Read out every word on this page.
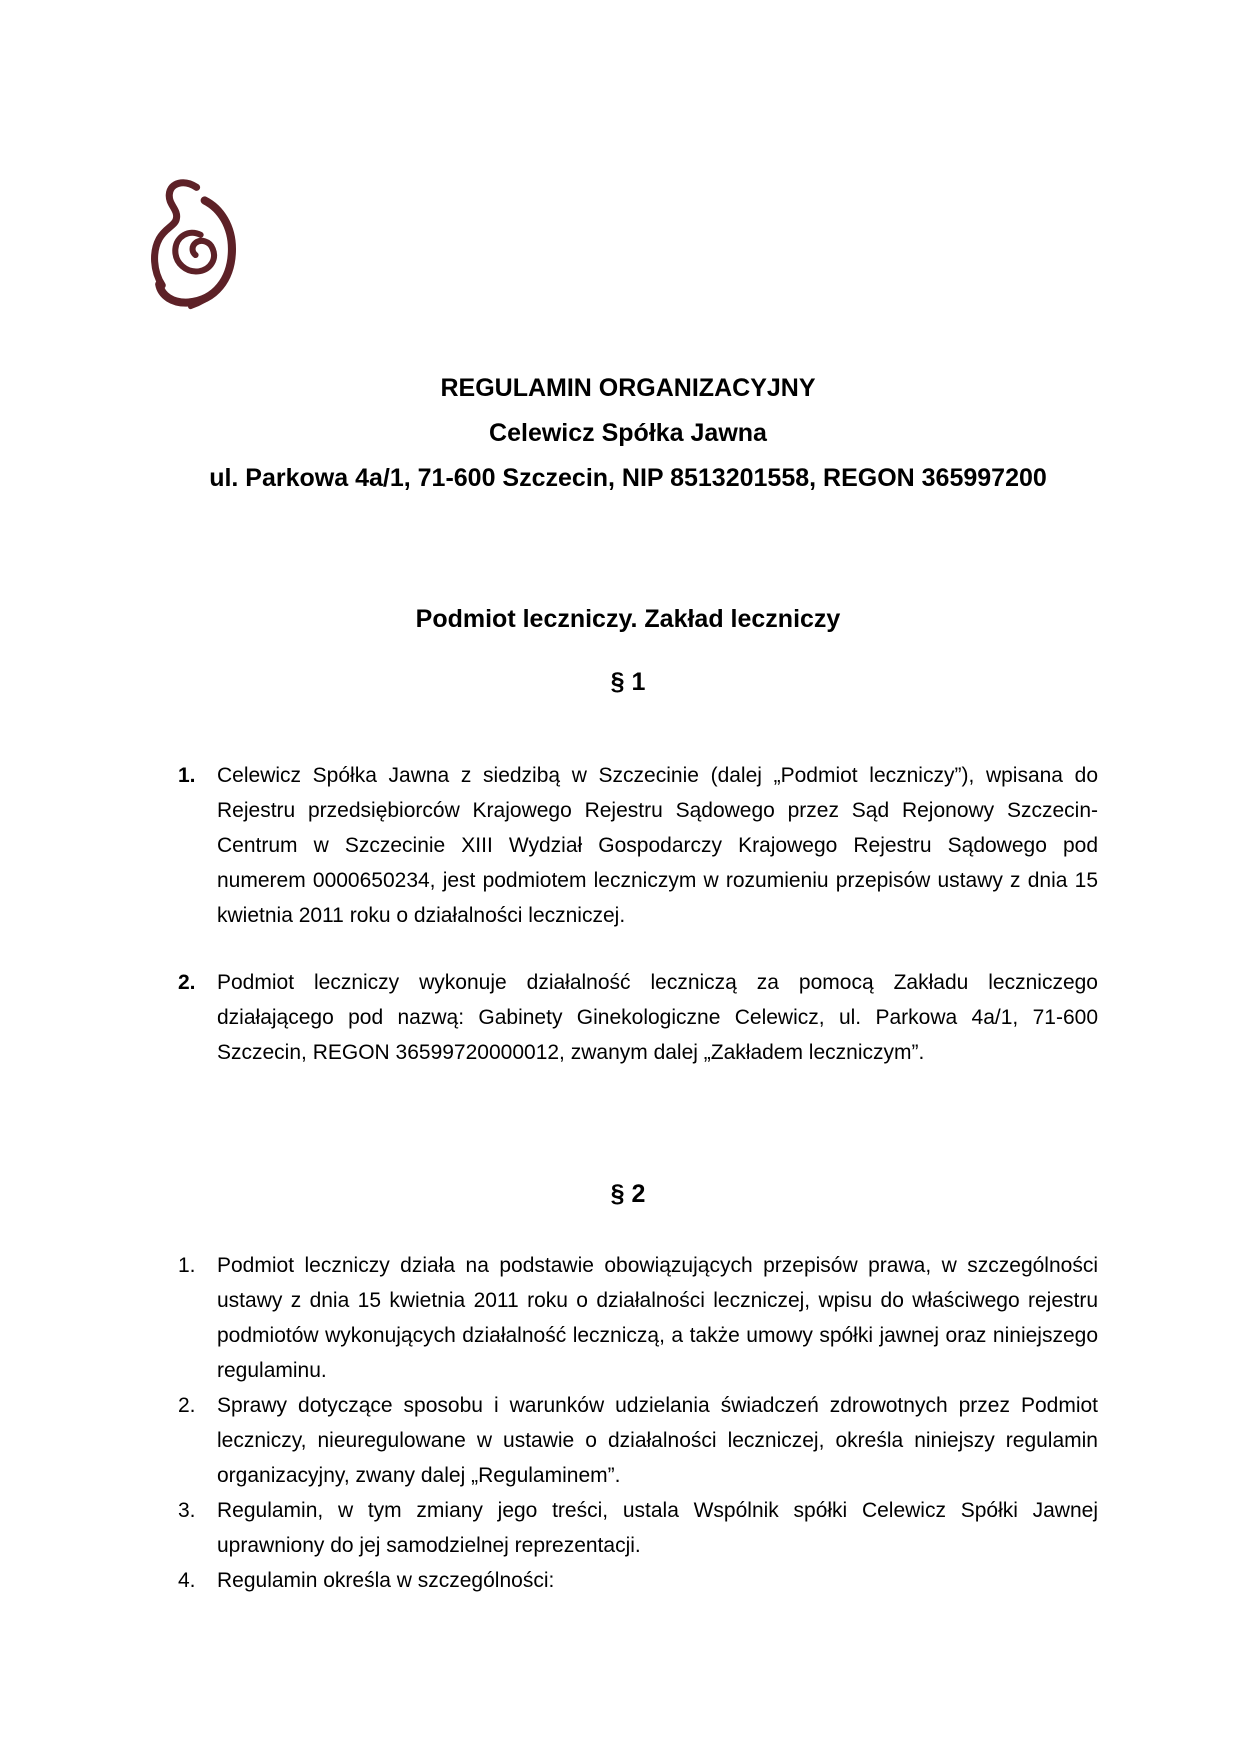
REGULAMIN ORGANIZACYJNY
Celewicz Spółka Jawna
ul. Parkowa 4a/1, 71-600 Szczecin, NIP 8513201558, REGON 365997200
Podmiot leczniczy. Zakład leczniczy
§ 1
1.	Celewicz Spółka Jawna z siedzibą w Szczecinie (dalej „Podmiot leczniczy”), wpisana do Rejestru przedsiębiorców Krajowego Rejestru Sądowego przez Sąd Rejonowy Szczecin-Centrum w Szczecinie XIII Wydział Gospodarczy Krajowego Rejestru Sądowego pod numerem 0000650234, jest podmiotem leczniczym w rozumieniu przepisów ustawy z dnia 15 kwietnia 2011 roku o działalności leczniczej.
2.	Podmiot leczniczy wykonuje działalność leczniczą za pomocą Zakładu leczniczego działającego pod nazwą: Gabinety Ginekologiczne Celewicz, ul. Parkowa 4a/1, 71-600 Szczecin, REGON 36599720000012, zwanym dalej „Zakładem leczniczym”.
§ 2
1.	Podmiot leczniczy działa na podstawie obowiązujących przepisów prawa, w szczególności ustawy z dnia 15 kwietnia 2011 roku o działalności leczniczej, wpisu do właściwego rejestru podmiotów wykonujących działalność leczniczą, a także umowy spółki jawnej oraz niniejszego regulaminu.
2.	Sprawy dotyczące sposobu i warunków udzielania świadczeń zdrowotnych przez Podmiot leczniczy, nieuregulowane w ustawie o działalności leczniczej, określa niniejszy regulamin organizacyjny, zwany dalej „Regulaminem”.
3.	Regulamin, w tym zmiany jego treści, ustala Wspólnik spółki Celewicz Spółki Jawnej uprawniony do jej samodzielnej reprezentacji.
4.	Regulamin określa w szczególności:
